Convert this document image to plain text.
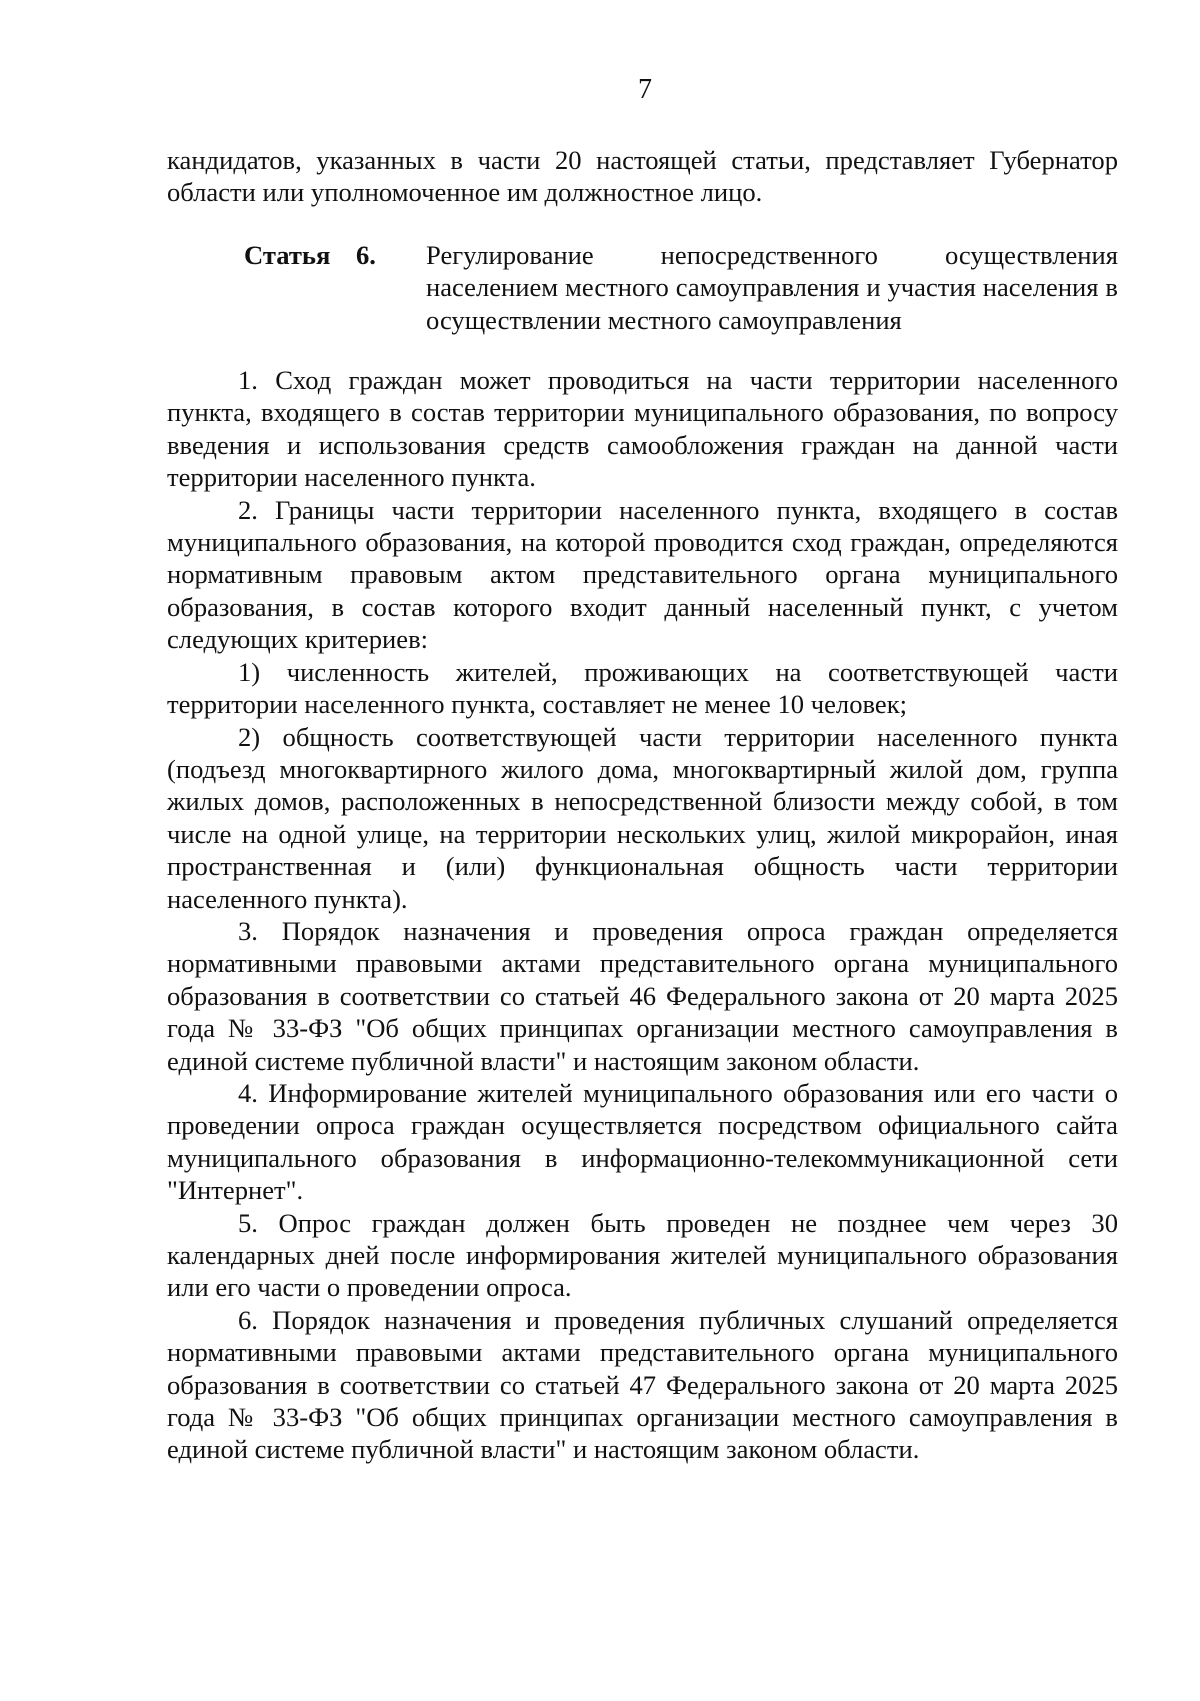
7

кандидатов, указанных в части 20 настоящей статьи, представляет Губернатор области или уполномоченное им должностное лицо.

Статья 6.	Регулирование непосредственного осуществления населением местного самоуправления и участия населения в осуществлении местного самоуправления

1. Сход граждан может проводиться на части территории населенного пункта, входящего в состав территории муниципального образования, по вопросу введения и использования средств самообложения граждан на данной части территории населенного пункта.

2. Границы части территории населенного пункта, входящего в состав муниципального образования, на которой проводится сход граждан, определяются нормативным правовым актом представительного органа муниципального образования, в состав которого входит данный населенный пункт, с учетом следующих критериев:

1) численность жителей, проживающих на соответствующей части территории населенного пункта, составляет не менее 10 человек;

2) общность соответствующей части территории населенного пункта (подъезд многоквартирного жилого дома, многоквартирный жилой дом, группа жилых домов, расположенных в непосредственной близости между собой, в том числе на одной улице, на территории нескольких улиц, жилой микрорайон, иная пространственная и (или) функциональная общность части территории населенного пункта).

3. Порядок назначения и проведения опроса граждан определяется нормативными правовыми актами представительного органа муниципального образования в соответствии со статьей 46 Федерального закона от 20 марта 2025 года № 33-ФЗ "Об общих принципах организации местного самоуправления в единой системе публичной власти" и настоящим законом области.

4. Информирование жителей муниципального образования или его части о проведении опроса граждан осуществляется посредством официального сайта муниципального образования в информационно-телекоммуникационной сети "Интернет".

5. Опрос граждан должен быть проведен не позднее чем через 30 календарных дней после информирования жителей муниципального образования или его части о проведении опроса.

6. Порядок назначения и проведения публичных слушаний определяется нормативными правовыми актами представительного органа муниципального образования в соответствии со статьей 47 Федерального закона от 20 марта 2025 года № 33-ФЗ "Об общих принципах организации местного самоуправления в единой системе публичной власти" и настоящим законом области.
